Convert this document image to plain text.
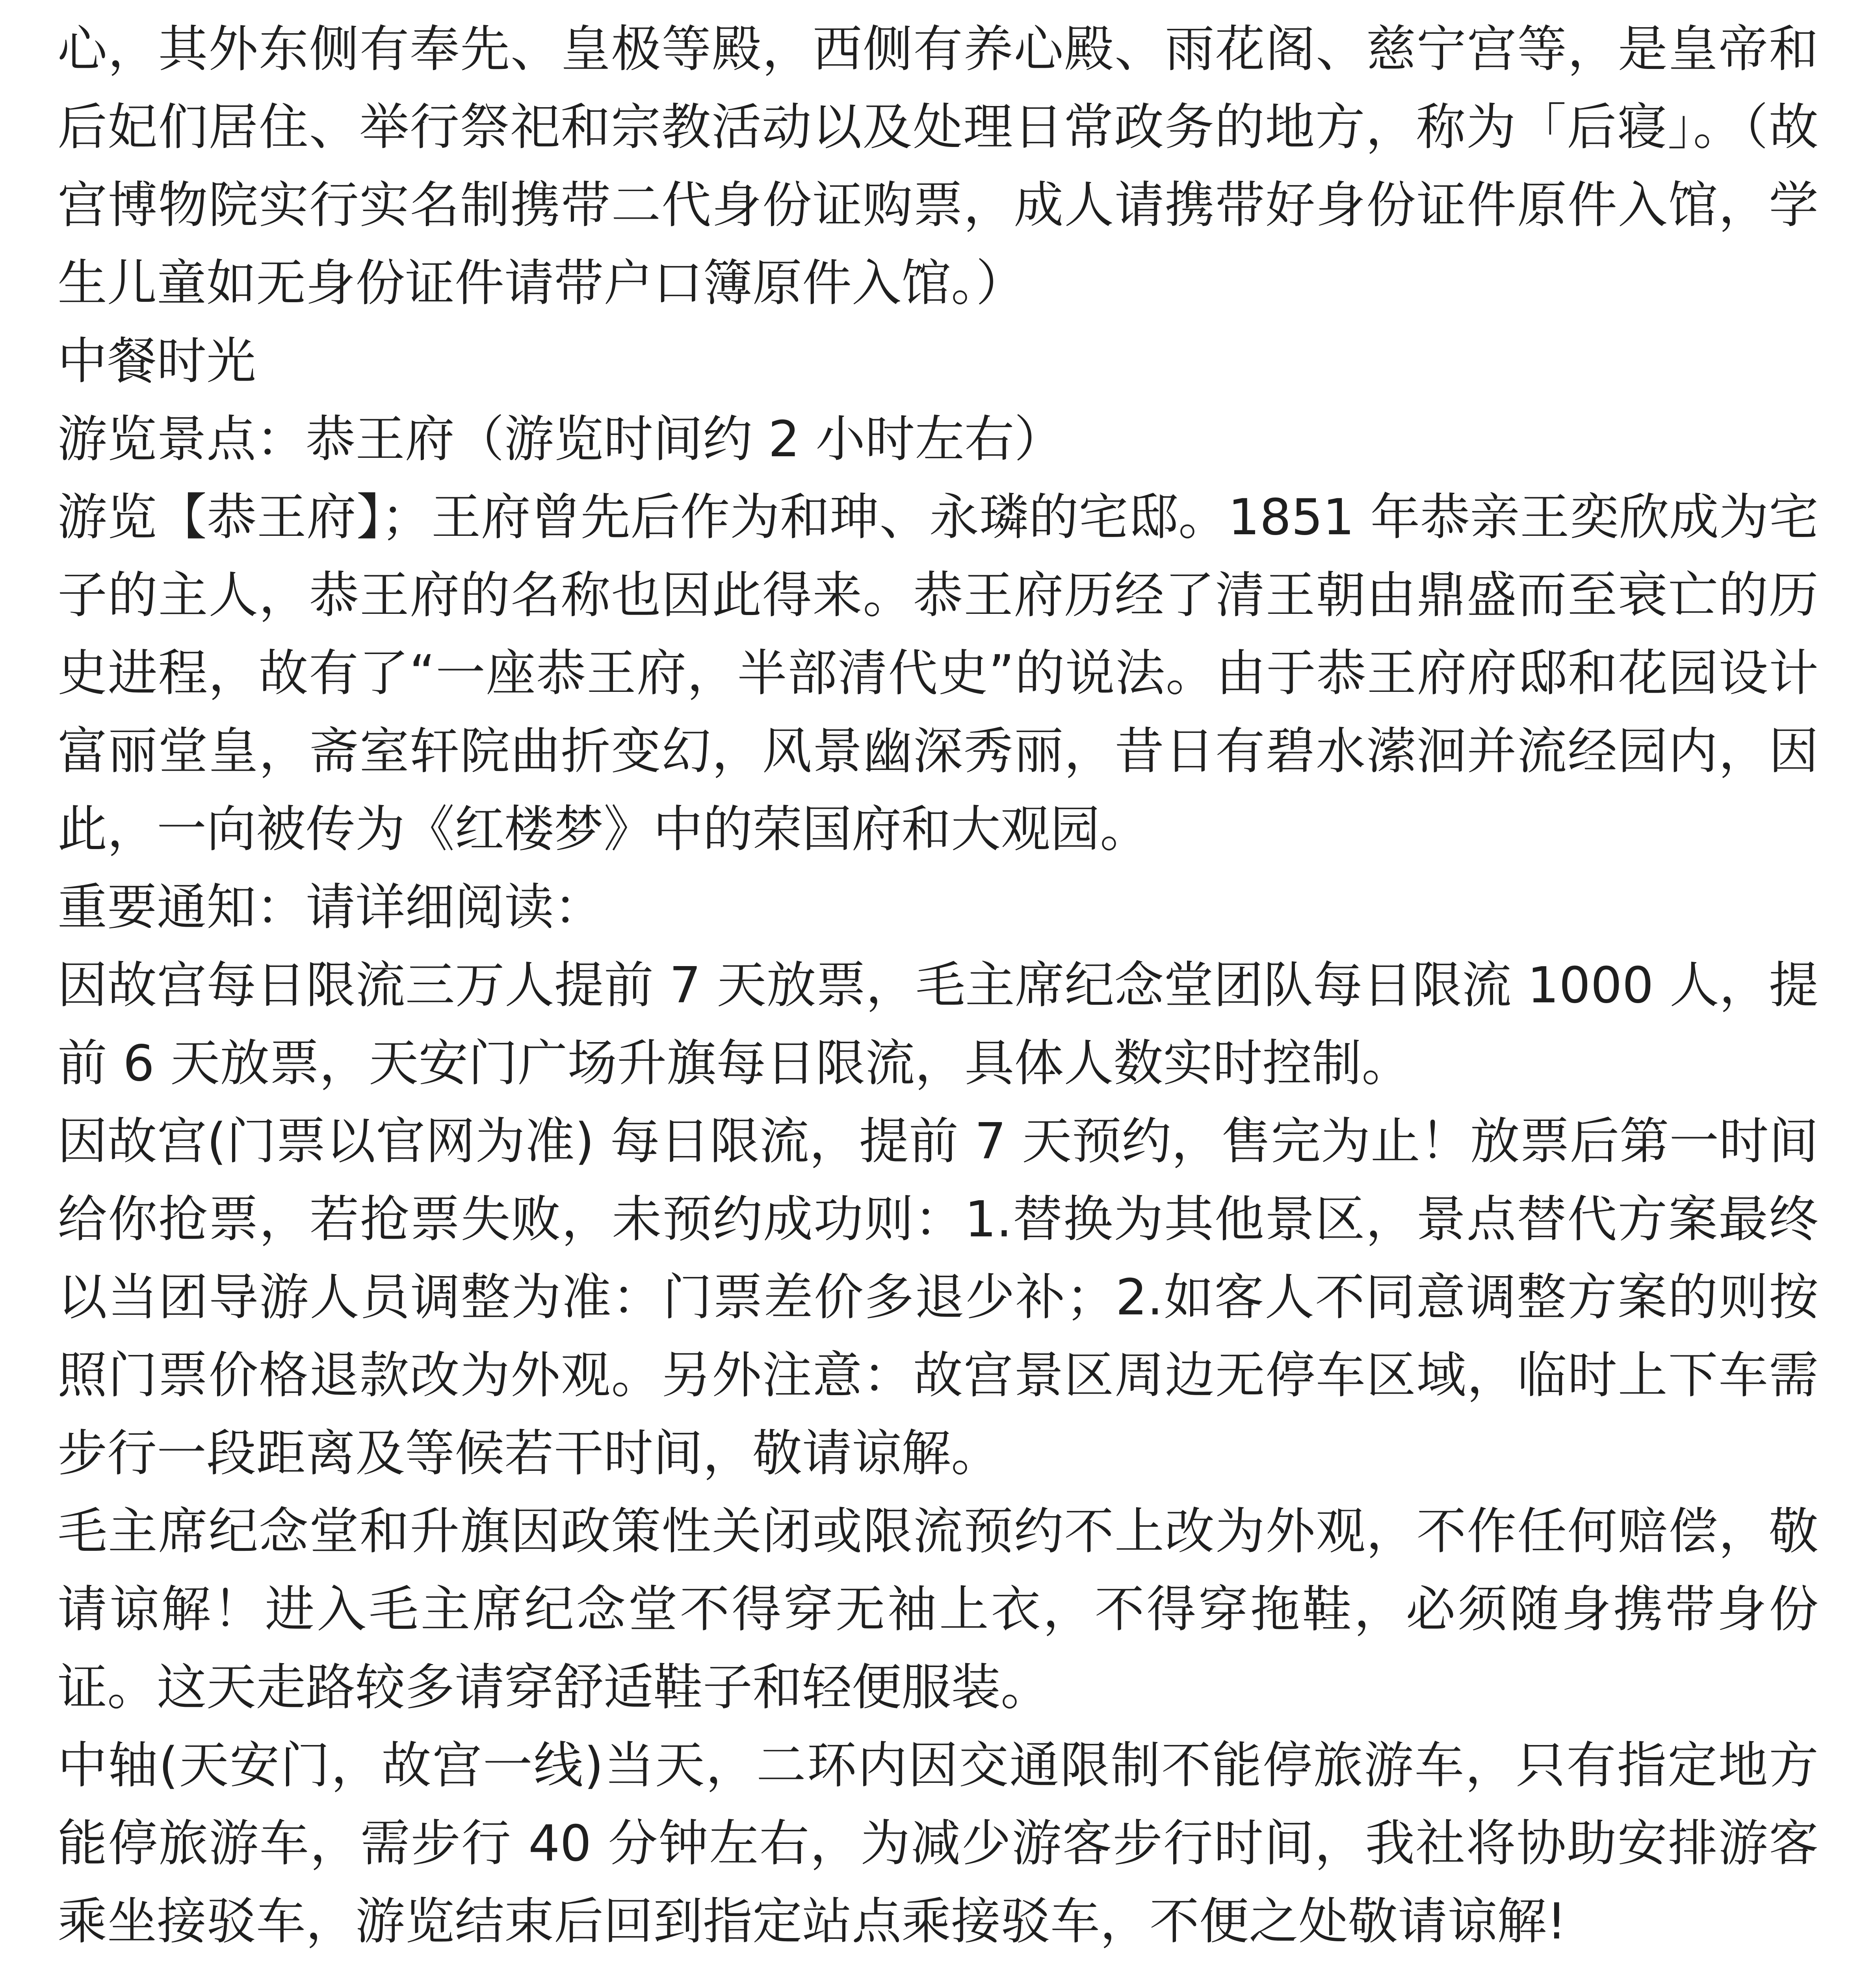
心，其外东侧有奉先、皇极等殿，西侧有养心殿、雨花阁、慈宁宫等，是皇帝和后妃们居住、举行祭祀和宗教活动以及处理日常政务的地方，称为「后寝」。（故宫博物院实行实名制携带二代身份证购票，成人请携带好身份证件原件入馆，学生儿童如无身份证件请带户口簿原件入馆。）

中餐时光

游览景点：恭王府（游览时间约 2 小时左右）

游览【恭王府】；王府曾先后作为和珅、永璘的宅邸。1851 年恭亲王奕欣成为宅子的主人，恭王府的名称也因此得来。恭王府历经了清王朝由鼎盛而至衰亡的历史进程，故有了“一座恭王府，半部清代史”的说法。由于恭王府府邸和花园设计富丽堂皇，斋室轩院曲折变幻，风景幽深秀丽，昔日有碧水潆洄并流经园内，因此，一向被传为《红楼梦》中的荣国府和大观园。

重要通知：请详细阅读：

因故宫每日限流三万人提前 7 天放票，毛主席纪念堂团队每日限流 1000 人，提前 6 天放票，天安门广场升旗每日限流，具体人数实时控制。

因故宫(门票以官网为准) 每日限流，提前 7 天预约，售完为止！放票后第一时间给你抢票，若抢票失败，未预约成功则：1.替换为其他景区，景点替代方案最终以当团导游人员调整为准：门票差价多退少补；2.如客人不同意调整方案的则按照门票价格退款改为外观。另外注意：故宫景区周边无停车区域，临时上下车需步行一段距离及等候若干时间，敬请谅解。

毛主席纪念堂和升旗因政策性关闭或限流预约不上改为外观，不作任何赔偿，敬请谅解！进入毛主席纪念堂不得穿无袖上衣，不得穿拖鞋，必须随身携带身份证。这天走路较多请穿舒适鞋子和轻便服装。

中轴(天安门，故宫一线)当天，二环内因交通限制不能停旅游车，只有指定地方能停旅游车，需步行 40 分钟左右，为减少游客步行时间，我社将协助安排游客乘坐接驳车，游览结束后回到指定站点乘接驳车，不便之处敬请谅解!
